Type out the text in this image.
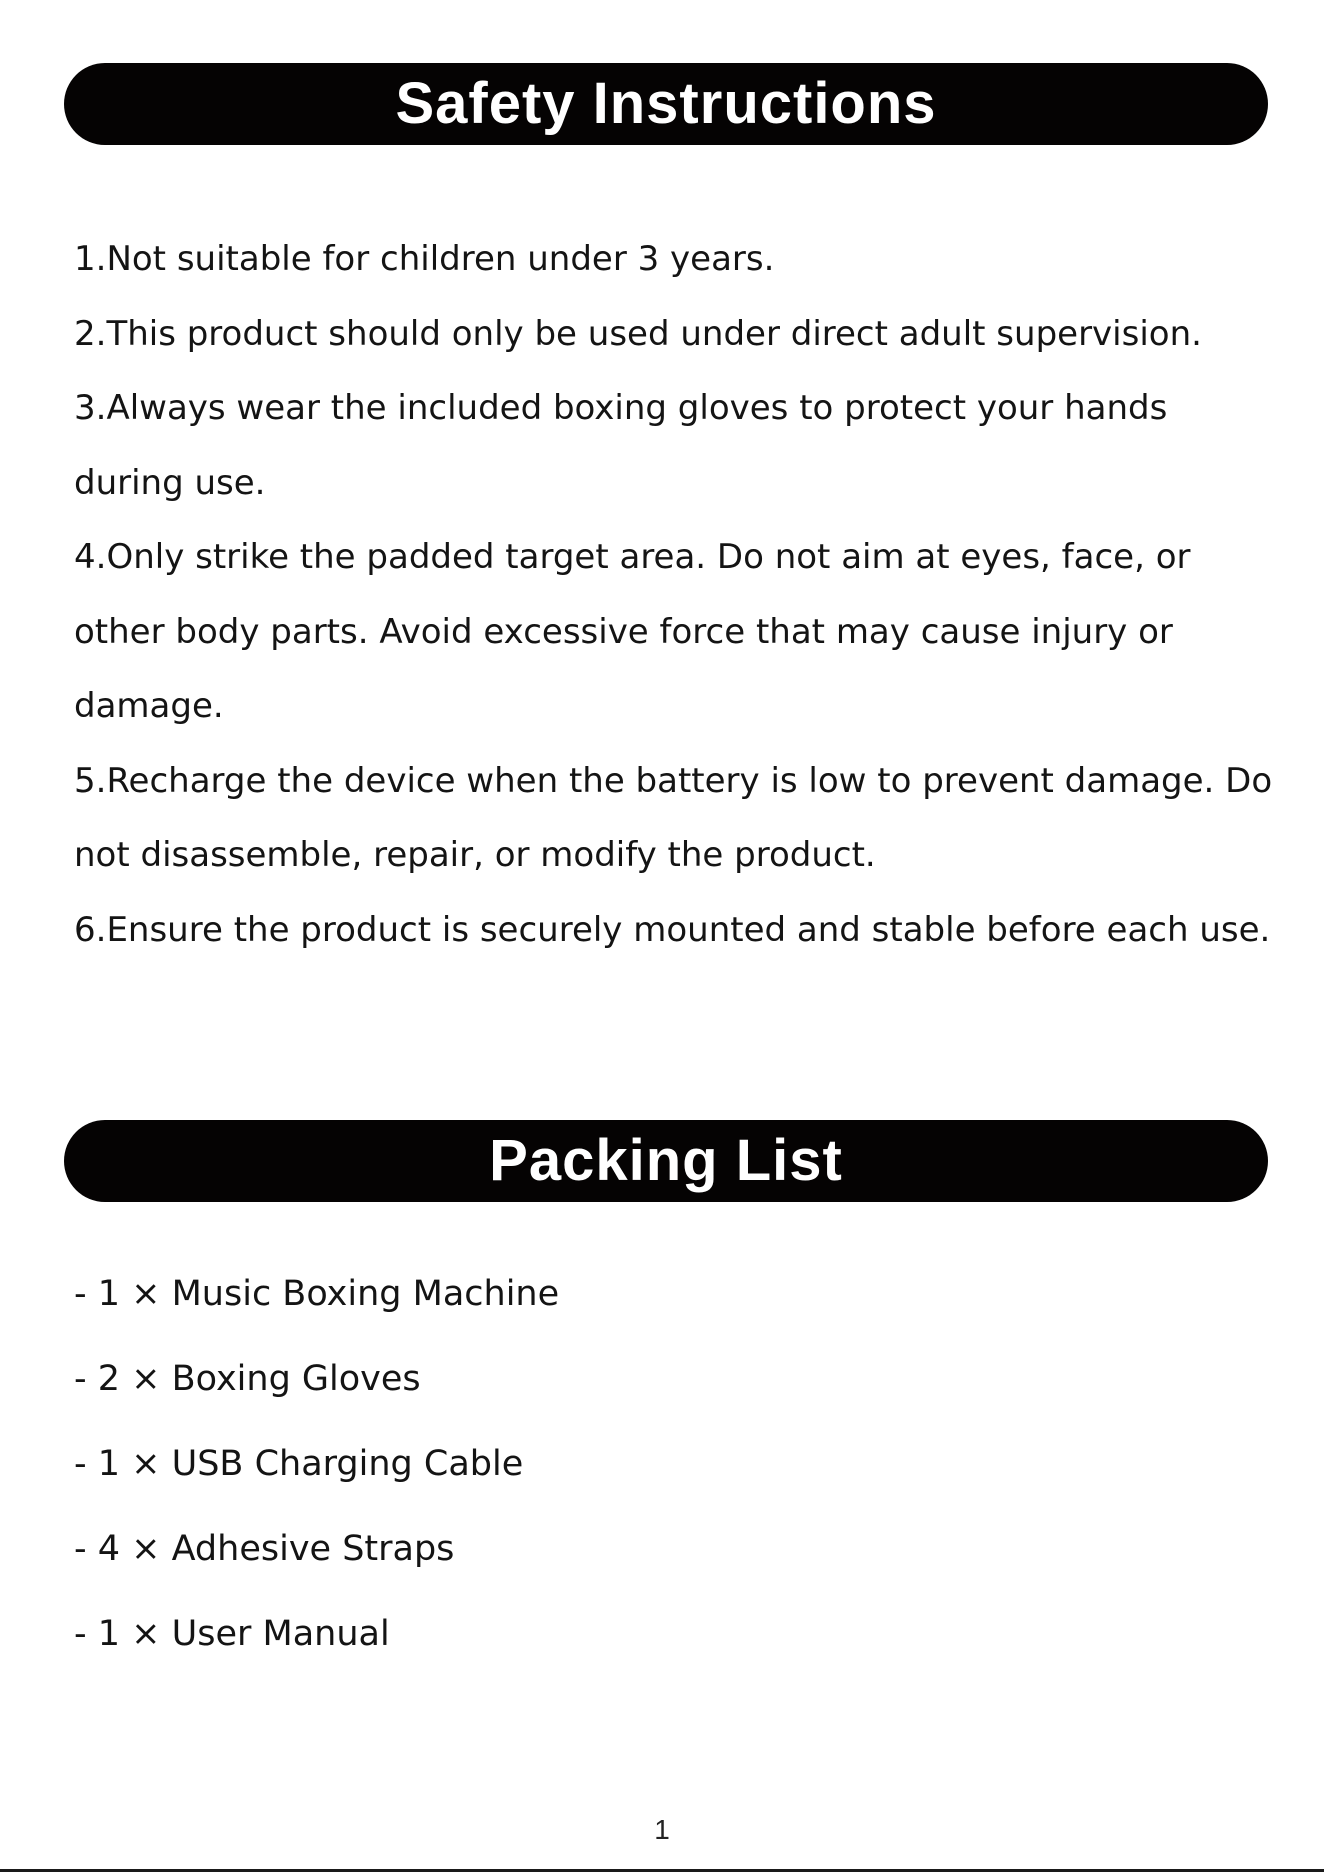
Safety Instructions
1.Not suitable for children under 3 years.
2.This product should only be used under direct adult supervision.
3.Always wear the included boxing gloves to protect your hands during use.
4.Only strike the padded target area. Do not aim at eyes, face, or other body parts. Avoid excessive force that may cause injury or damage.
5.Recharge the device when the battery is low to prevent damage. Do not disassemble, repair, or modify the product.
6.Ensure the product is securely mounted and stable before each use.
Packing List
- 1 × Music Boxing Machine
- 2 × Boxing Gloves
- 1 × USB Charging Cable
- 4 × Adhesive Straps
- 1 × User Manual
1
